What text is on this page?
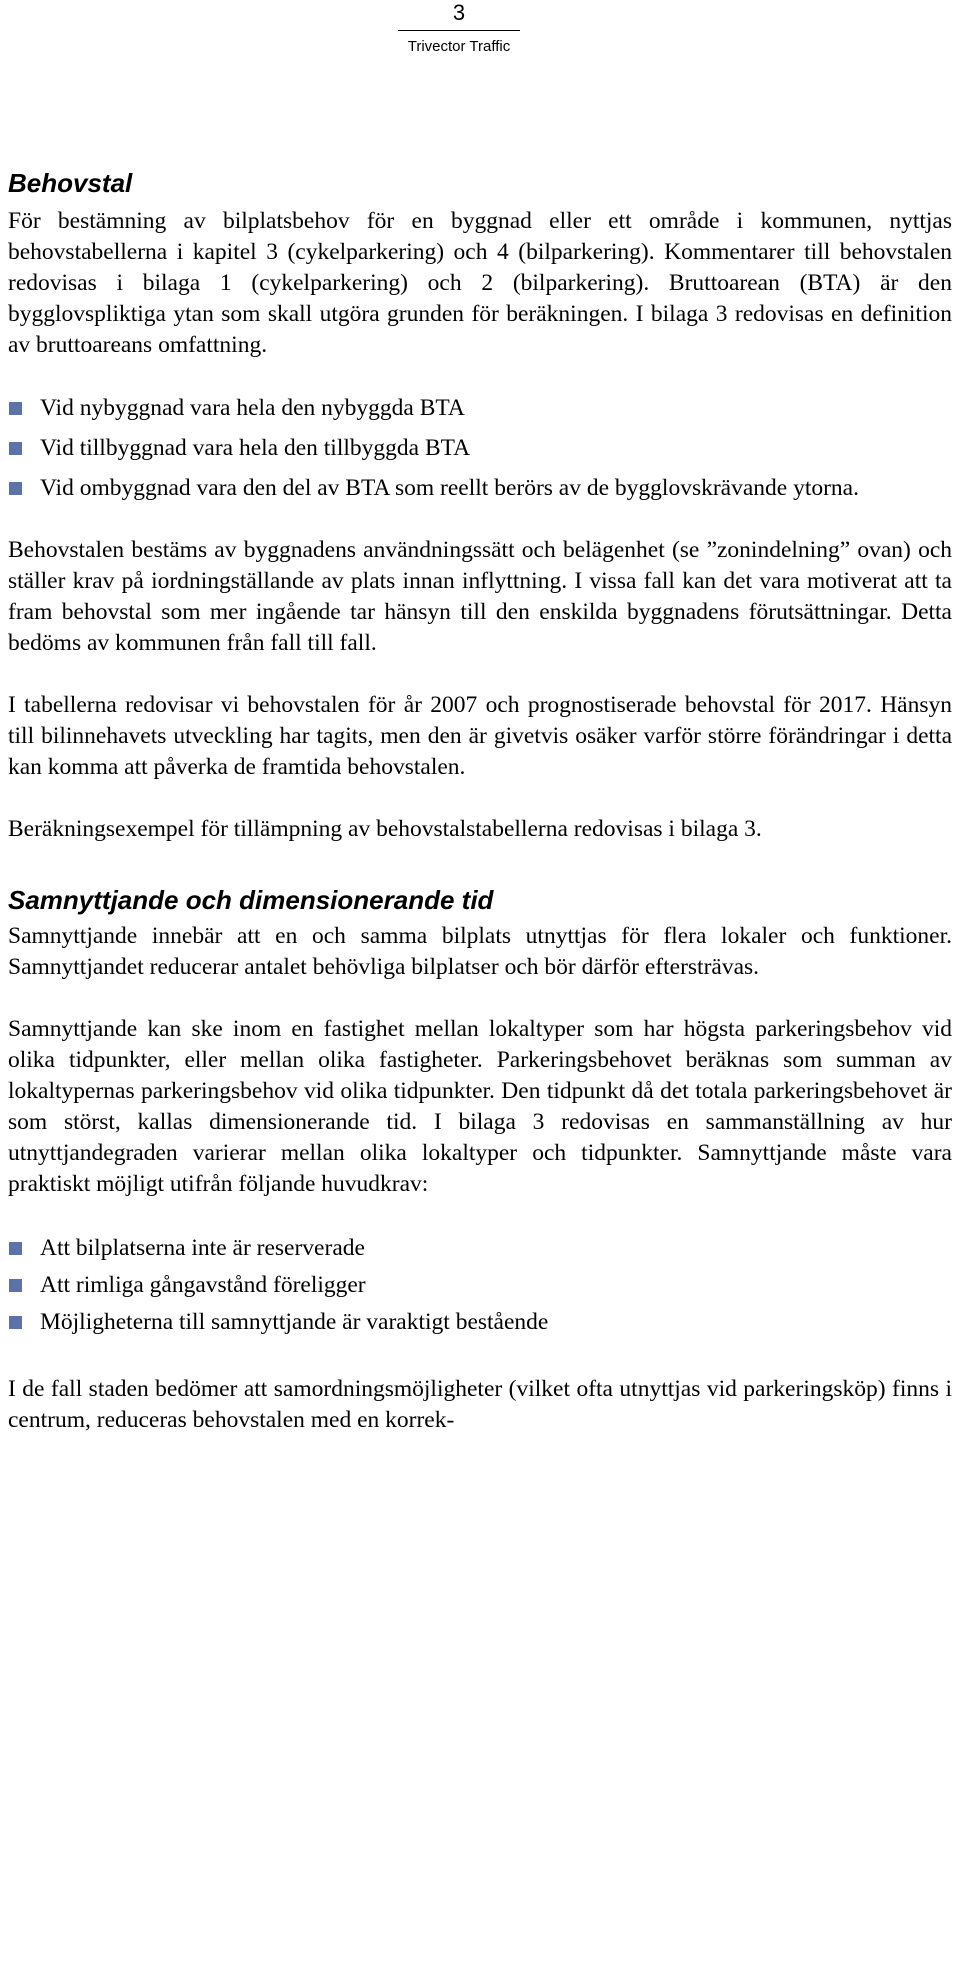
3
Trivector Traffic
Behovstal

För bestämning av bilplatsbehov för en byggnad eller ett område i kommunen, nyttjas behovstabellerna i kapitel 3 (cykelparkering) och 4 (bilparkering). Kommentarer till behovstalen redovisas i bilaga 1 (cykelparkering) och 2 (bilparkering). Bruttoarean (BTA) är den bygglovspliktiga ytan som skall utgöra grunden för beräkningen. I bilaga 3 redovisas en definition av bruttoareans omfattning.

Vid nybyggnad vara hela den nybyggda BTA
Vid tillbyggnad vara hela den tillbyggda BTA
Vid ombyggnad vara den del av BTA som reellt berörs av de bygglovskrävande ytorna.

Behovstalen bestäms av byggnadens användningssätt och belägenhet (se ”zonindelning” ovan) och ställer krav på iordningställande av plats innan inflyttning. I vissa fall kan det vara motiverat att ta fram behovstal som mer ingående tar hänsyn till den enskilda byggnadens förutsättningar. Detta bedöms av kommunen från fall till fall.

I tabellerna redovisar vi behovstalen för år 2007 och prognostiserade behovstal för 2017. Hänsyn till bilinnehavets utveckling har tagits, men den är givetvis osäker varför större förändringar i detta kan komma att påverka de framtida behovstalen.

Beräkningsexempel för tillämpning av behovstalstabellerna redovisas i bilaga 3.

Samnyttjande och dimensionerande tid

Samnyttjande innebär att en och samma bilplats utnyttjas för flera lokaler och funktioner. Samnyttjandet reducerar antalet behövliga bilplatser och bör därför eftersträvas.

Samnyttjande kan ske inom en fastighet mellan lokaltyper som har högsta parkeringsbehov vid olika tidpunkter, eller mellan olika fastigheter. Parkeringsbehovet beräknas som summan av lokaltypernas parkeringsbehov vid olika tidpunkter. Den tidpunkt då det totala parkeringsbehovet är som störst, kallas dimensionerande tid. I bilaga 3 redovisas en sammanställning av hur utnyttjandegraden varierar mellan olika lokaltyper och tidpunkter. Samnyttjande måste vara praktiskt möjligt utifrån följande huvudkrav:

Att bilplatserna inte är reserverade
Att rimliga gångavstånd föreligger
Möjligheterna till samnyttjande är varaktigt bestående

I de fall staden bedömer att samordningsmöjligheter (vilket ofta utnyttjas vid parkeringsköp) finns i centrum, reduceras behovstalen med en korrek-
